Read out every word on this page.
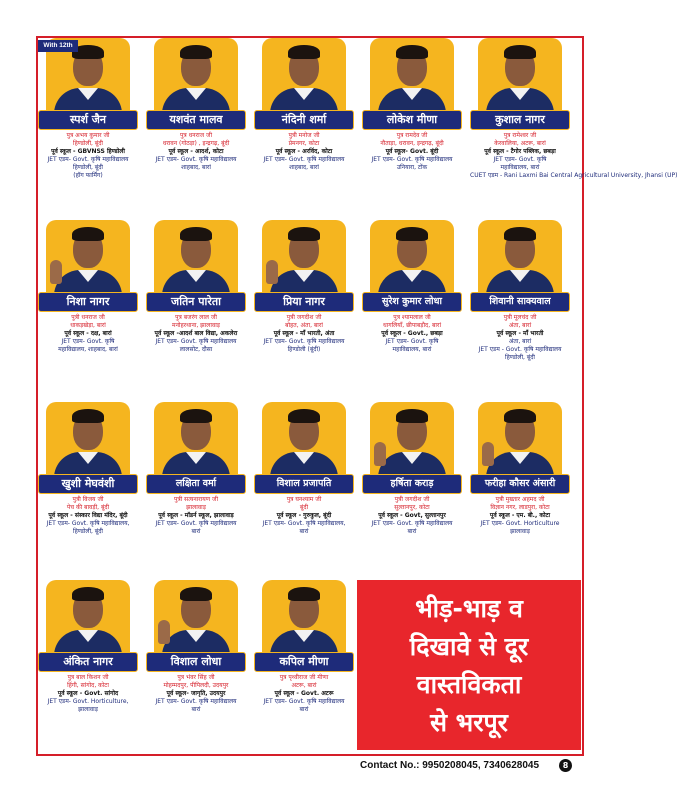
With 12th
स्पर्श जैन
पुत्र अभय कुमार जी
हिण्डोली, बूंदी
पूर्व स्कूल - GBVNSS हिण्डोली
JET एडम- Govt. कृषि महाविद्यालय
हिण्डोली, बूंदी
(हॉग फार्मिंग)
यशवंत मालव
पुत्र धनराज जी
धरावन (गोठड़ा) , इन्द्रगढ़, बूंदी
पूर्व स्कूल - आदर्श, कोटा
JET एडम- Govt. कृषि महाविद्यालय
शाहबाद, बारां
नंदिनी शर्मा
पुत्री मनोज जी
प्रेमनगर, कोटा
पूर्व स्कूल - अरविंद, कोटा
JET एडम- Govt. कृषि महाविद्यालय
शाहबाद, बारां
लोकेश मीणा
पुत्र रामदेव जी
नौताड़ा, धरावन, इन्द्रगढ़, बूंदी
पूर्व स्कूल- Govt. बूंदी
JET एडम- Govt. कृषि महाविद्यालय
उनियारा, टोंक
कुशाल नागर
पुत्र रामेश्वर जी
केरवालिया, अटरू, बारां
पूर्व स्कूल - टैगोर पब्लिक, छबड़ा
JET एडम- Govt. कृषि
महाविद्यालय, बारां
CUET एडम - Rani Laxmi Bai Central Agricultural University, Jhansi (UP)
निशा नागर
पुत्री धनराज जी
धाकड़खेड़ा, बारां
पूर्व स्कूल - दक्ष, बारां
JET एडम- Govt. कृषि
महाविद्यालय, शाहबाद, बारां
जतिन पारेता
पुत्र बजरंग लाल जी
मनोहरथाना, झालावाड़
पूर्व स्कूल -आदर्श बाल विद्या, अकलेरा
JET एडम- Govt. कृषि महाविद्यालय
लालसोट, दौसा
प्रिया नागर
पुत्री जगदीश जी
बोहत, अंता, बारां
पूर्व स्कूल - माँ भारती, अंता
JET एडम- Govt. कृषि महाविद्यालय
हिण्डोली (बूंदी)
सुरेश कुमार लोधा
पुत्र श्यामलाल जी
धागलियाँ, छीपाबड़ौद, बारां
पूर्व स्कूल - Govt., छबड़ा
JET एडम- Govt. कृषि
महाविद्यालय, बारां
शिवानी साक्यवाल
पुत्री मूलचंद जी
अंता, बारां
पूर्व स्कूल - माँ भारती
अंता, बारां
JET एडम - Govt. कृषि महाविद्यालय
हिण्डोली, बूंदी
खुशी मेघवंशी
पुत्री विजय जी
पेच की बावड़ी, बूंदी
पूर्व स्कूल - संस्कार विद्या मंदिर, बूंदी
JET एडम- Govt. कृषि महाविद्यालय,
हिण्डोली, बूंदी
लक्षिता वर्मा
पुत्री सत्यनारायण जी
झालावाड़
पूर्व स्कूल - मॉडर्न स्कूल, झालावाड़
JET एडम- Govt. कृषि महाविद्यालय
बारां
विशाल प्रजापति
पुत्र घनश्याम जी
बूंदी
पूर्व स्कूल - गुरुकुल, बूंदी
JET एडम- Govt. कृषि महाविद्यालय,
बारां
हर्षिता कराड़
पुत्री जगदीश जी
सुल्तानपुर, कोटा
पूर्व स्कूल - Govt, सुल्तानपुर
JET एडम- Govt. कृषि महाविद्यालय
बारां
फरीहा कौसर अंसारी
पुत्री मुख्तार अहमद जी
विज्ञान नगर, लाडपुरा, कोटा
पूर्व स्कूल - एम. बी., कोटा
JET एडम- Govt. Horticulture
झालावाड़
अंकित नागर
पुत्र बाल किशन जी
हिंगी, सांगोद, कोटा
पूर्व स्कूल - Govt. सांगोद
JET एडम- Govt. Horticulture,
झालावाड़
विशाल लोधा
पुत्र भंवर सिंह जी
मोहम्मदपुर, पीपिलदी, उदयपुर
पूर्व स्कूल- जागृति, उदयपुर
JET एडम- Govt. कृषि महाविद्यालय
बारां
कपिल मीणा
पुत्र पृथ्वीराज जी मीणा
अटरू, बारां
पूर्व स्कूल - Govt. अटरू
JET एडम- Govt. कृषि महाविद्यालय
बारां
भीड़-भाड़ व
दिखावे से दूर
वास्तविकता
से भरपूर
Contact No.: 9950208045, 7340628045	8
